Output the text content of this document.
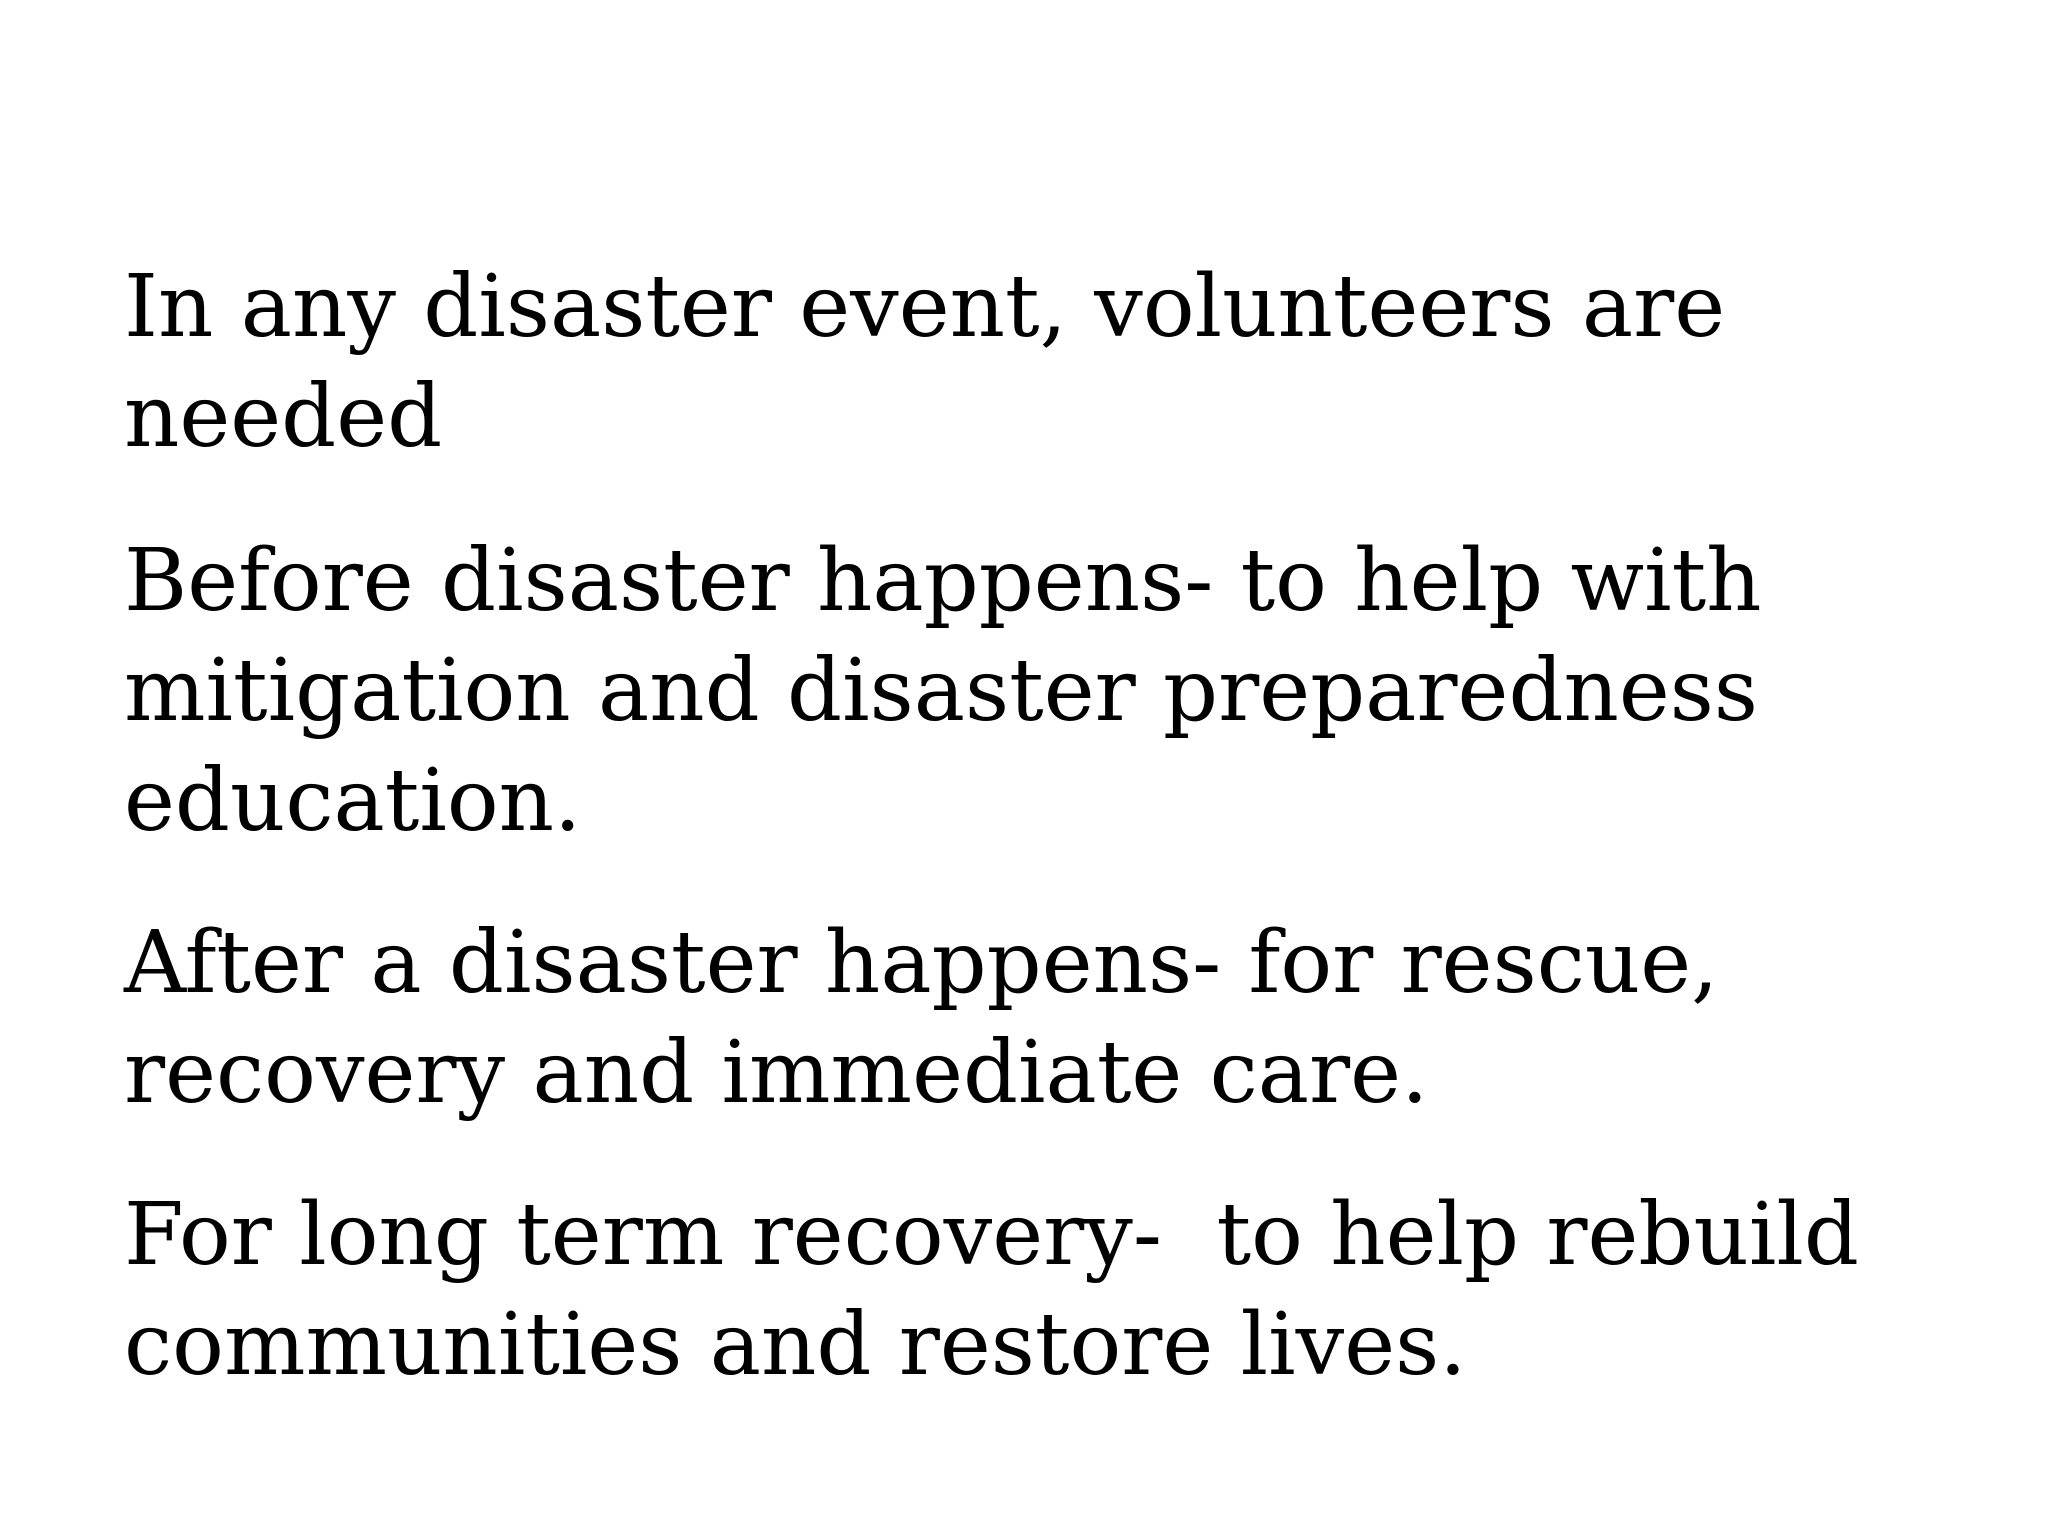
In any disaster event, volunteers are needed

Before disaster happens- to help with mitigation and disaster preparedness education.

After a disaster happens- for rescue, recovery and immediate care.

For long term recovery-  to help rebuild communities and restore lives.
